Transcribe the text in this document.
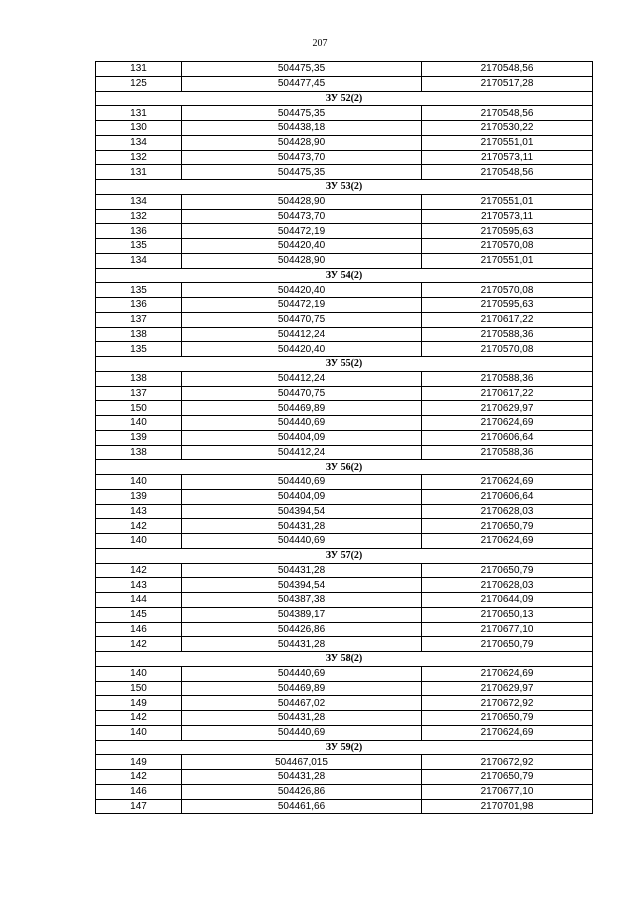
207
131	504475,35	2170548,56
125	504477,45	2170517,28
ЗУ 52(2)		
131	504475,35	2170548,56
130	504438,18	2170530,22
134	504428,90	2170551,01
132	504473,70	2170573,11
131	504475,35	2170548,56
ЗУ 53(2)		
134	504428,90	2170551,01
132	504473,70	2170573,11
136	504472,19	2170595,63
135	504420,40	2170570,08
134	504428,90	2170551,01
ЗУ 54(2)		
135	504420,40	2170570,08
136	504472,19	2170595,63
137	504470,75	2170617,22
138	504412,24	2170588,36
135	504420,40	2170570,08
ЗУ 55(2)		
138	504412,24	2170588,36
137	504470,75	2170617,22
150	504469,89	2170629,97
140	504440,69	2170624,69
139	504404,09	2170606,64
138	504412,24	2170588,36
ЗУ 56(2)		
140	504440,69	2170624,69
139	504404,09	2170606,64
143	504394,54	2170628,03
142	504431,28	2170650,79
140	504440,69	2170624,69
ЗУ 57(2)		
142	504431,28	2170650,79
143	504394,54	2170628,03
144	504387,38	2170644,09
145	504389,17	2170650,13
146	504426,86	2170677,10
142	504431,28	2170650,79
ЗУ 58(2)		
140	504440,69	2170624,69
150	504469,89	2170629,97
149	504467,02	2170672,92
142	504431,28	2170650,79
140	504440,69	2170624,69
ЗУ 59(2)		
149	504467,015	2170672,92
142	504431,28	2170650,79
146	504426,86	2170677,10
147	504461,66	2170701,98
